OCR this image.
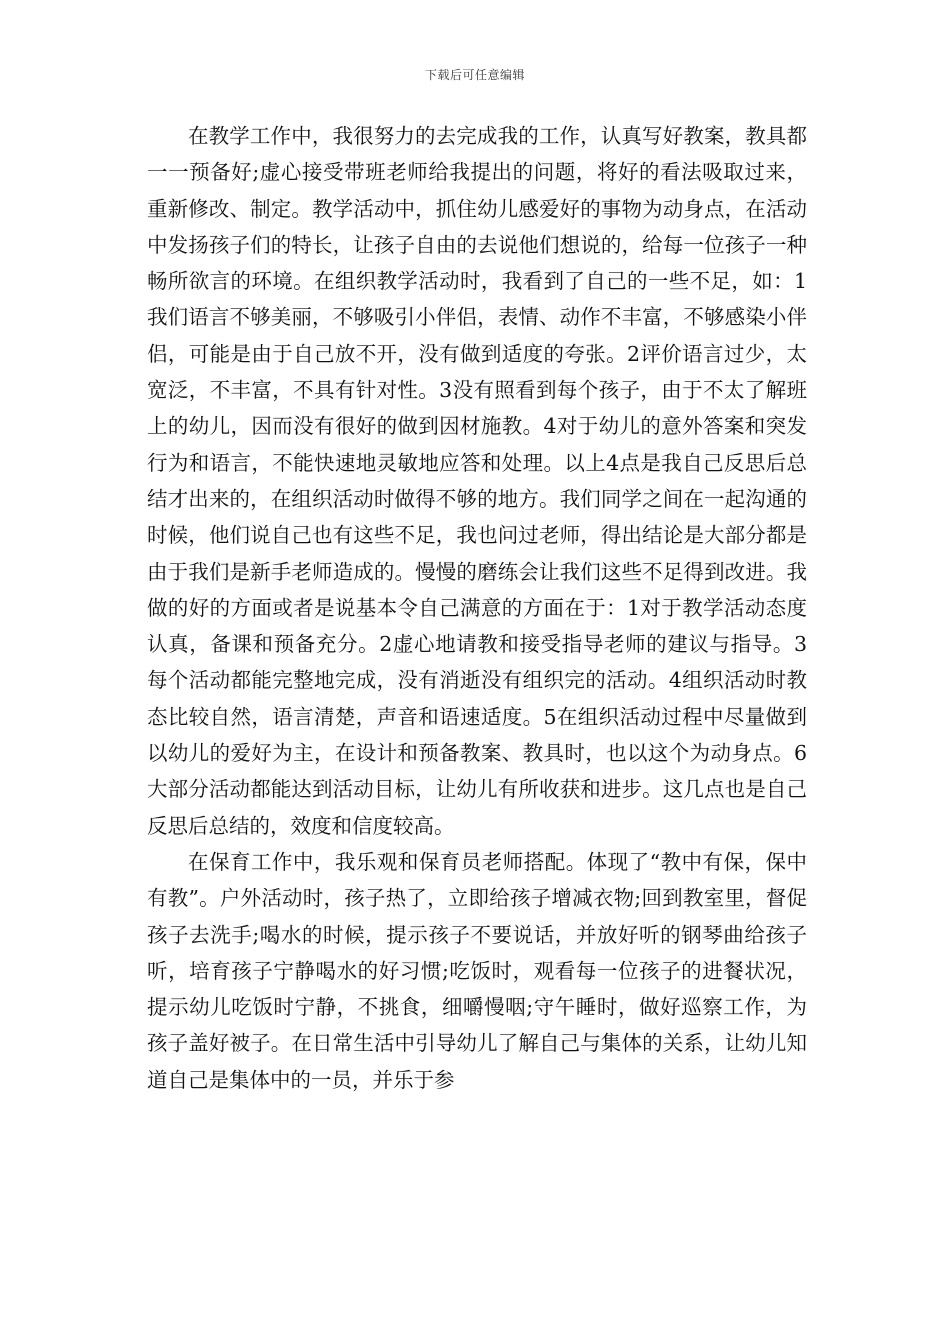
下载后可任意编辑

在教学工作中，我很努力的去完成我的工作，认真写好教案，教具都一一预备好;虚心接受带班老师给我提出的问题，将好的看法吸取过来，重新修改、制定。教学活动中，抓住幼儿感爱好的事物为动身点，在活动中发扬孩子们的特长，让孩子自由的去说他们想说的，给每一位孩子一种畅所欲言的环境。在组织教学活动时，我看到了自己的一些不足，如：1我们语言不够美丽，不够吸引小伴侣，表情、动作不丰富，不够感染小伴侣，可能是由于自己放不开，没有做到适度的夸张。2评价语言过少，太宽泛，不丰富，不具有针对性。3没有照看到每个孩子，由于不太了解班上的幼儿，因而没有很好的做到因材施教。4对于幼儿的意外答案和突发行为和语言，不能快速地灵敏地应答和处理。以上4点是我自己反思后总结才出来的，在组织活动时做得不够的地方。我们同学之间在一起沟通的时候，他们说自己也有这些不足，我也问过老师，得出结论是大部分都是由于我们是新手老师造成的。慢慢的磨练会让我们这些不足得到改进。我做的好的方面或者是说基本令自己满意的方面在于：1对于教学活动态度认真，备课和预备充分。2虚心地请教和接受指导老师的建议与指导。3每个活动都能完整地完成，没有消逝没有组织完的活动。4组织活动时教态比较自然，语言清楚，声音和语速适度。5在组织活动过程中尽量做到以幼儿的爱好为主，在设计和预备教案、教具时，也以这个为动身点。6大部分活动都能达到活动目标，让幼儿有所收获和进步。这几点也是自己反思后总结的，效度和信度较高。

在保育工作中，我乐观和保育员老师搭配。体现了“教中有保，保中有教”。户外活动时，孩子热了，立即给孩子增减衣物;回到教室里，督促孩子去洗手;喝水的时候，提示孩子不要说话，并放好听的钢琴曲给孩子听，培育孩子宁静喝水的好习惯;吃饭时，观看每一位孩子的进餐状况，提示幼儿吃饭时宁静，不挑食，细嚼慢咽;守午睡时，做好巡察工作，为孩子盖好被子。在日常生活中引导幼儿了解自己与集体的关系，让幼儿知道自己是集体中的一员，并乐于参
